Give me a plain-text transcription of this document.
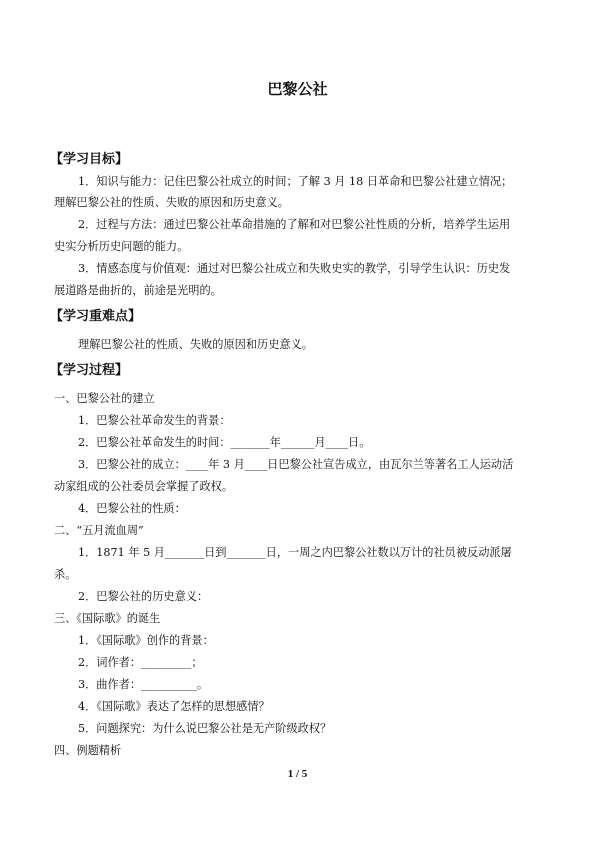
巴黎公社
【学习目标】
1．知识与能力：记住巴黎公社成立的时间；了解 3 月 18 日革命和巴黎公社建立情况；
理解巴黎公社的性质、失败的原因和历史意义。
2．过程与方法：通过巴黎公社革命措施的了解和对巴黎公社性质的分析，培养学生运用
史实分析历史问题的能力。
3．情感态度与价值观：通过对巴黎公社成立和失败史实的教学，引导学生认识：历史发
展道路是曲折的，前途是光明的。
【学习重难点】
理解巴黎公社的性质、失败的原因和历史意义。
【学习过程】
一、巴黎公社的建立
1．巴黎公社革命发生的背景：
2．巴黎公社革命发生的时间：_______年______月____日。
3．巴黎公社的成立：____年 3 月____日巴黎公社宣告成立，由瓦尔兰等著名工人运动活
动家组成的公社委员会掌握了政权。
4．巴黎公社的性质：
二、“五月流血周”
1．1871 年 5 月_______日到_______日，一周之内巴黎公社数以万计的社员被反动派屠
杀。
2．巴黎公社的历史意义：
三、《国际歌》的诞生
1．《国际歌》创作的背景：
2．词作者：_________；
3．曲作者：__________。
4．《国际歌》表达了怎样的思想感情？
5．问题探究：为什么说巴黎公社是无产阶级政权？
四、例题精析
1 / 5
